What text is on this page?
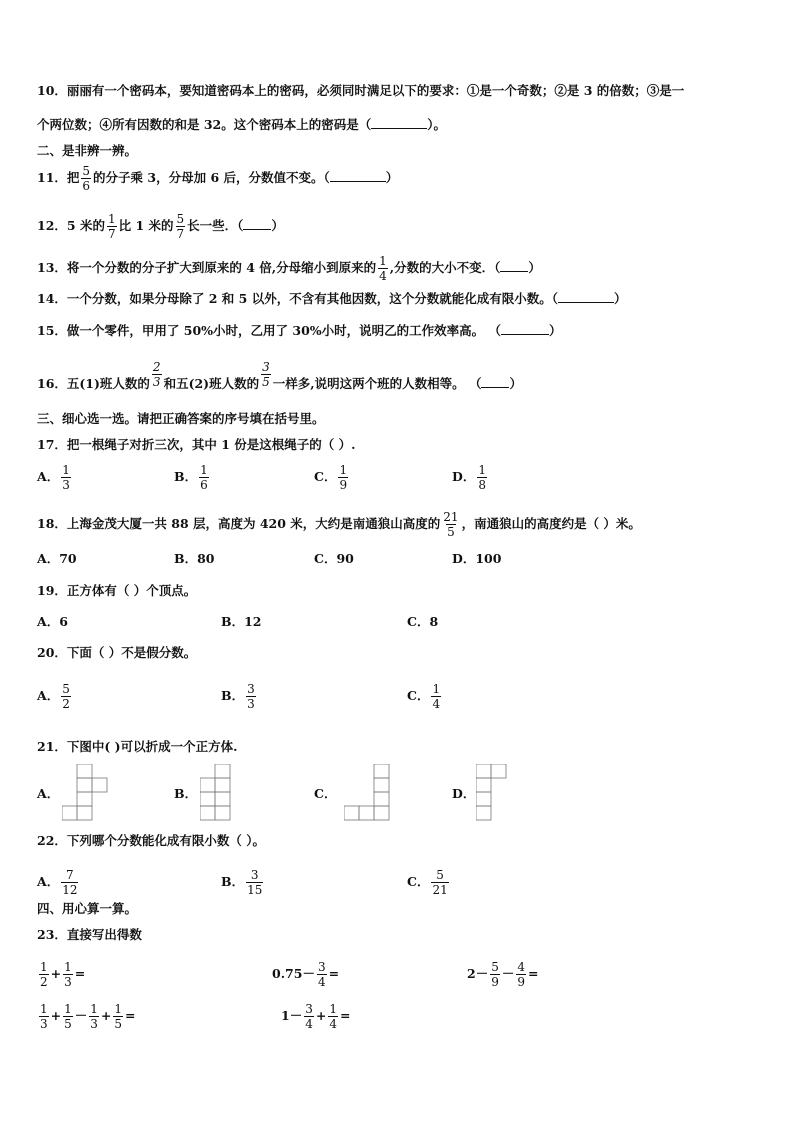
10．丽丽有一个密码本，要知道密码本上的密码，必须同时满足以下的要求：①是一个奇数；②是 3 的倍数；③是一
个两位数；④所有因数的和是 32。这个密码本上的密码是（	）。
二、是非辨一辨。
11．把 $\frac{5}{6}$ 的分子乘 3，分母加 6 后，分数值不变。（	）
12．5 米的 $\frac{1}{7}$ 比 1 米的 $\frac{5}{7}$ 长一些．（ ）
13．将一个分数的分子扩大到原来的 4 倍,分母缩小到原来的 $\frac{1}{4}$ ,分数的大小不变．（ ）
14．一个分数，如果分母除了 2 和 5 以外，不含有其他因数，这个分数就能化成有限小数。（	）
15．做一个零件，甲用了 50%小时，乙用了 30%小时，说明乙的工作效率高。 （	）
16．五(1)班人数的 $\frac{2}{3}$ 和五(2)班人数的 $\frac{3}{5}$ 一样多,说明这两个班的人数相等。 （ ）
三、细心选一选。请把正确答案的序号填在括号里。
17．把一根绳子对折三次，其中 1 份是这根绳子的（ ）.
A． $\frac{1}{3}$	B． $\frac{1}{6}$	C． $\frac{1}{9}$	D． $\frac{1}{8}$
18．上海金茂大厦一共 88 层，高度为 420 米，大约是南通狼山高度的 $\frac{21}{5}$ ，南通狼山的高度约是（ ）米。
A．70	B．80	C．90	D．100
19．正方体有（ ）个顶点。
A．6	B．12	C．8
20．下面（ ）不是假分数。
A． $\frac{5}{2}$	B． $\frac{3}{3}$	C． $\frac{1}{4}$
21．下图中( )可以折成一个正方体.
A．	B．	C．	D．
22．下列哪个分数能化成有限小数（ ）。
A． $\frac{7}{12}$	B． $\frac{3}{15}$	C． $\frac{5}{21}$
四、用心算一算。
23．直接写出得数
$\frac{1}{2} + \frac{1}{3}$ =	$0.75- \frac{3}{4}$ =	$2- \frac{5}{9} - \frac{4}{9}$ =
$\frac{1}{3} + \frac{1}{5} - \frac{1}{3} + \frac{1}{5}$ =	$1- \frac{3}{4} + \frac{1}{4}$ =
